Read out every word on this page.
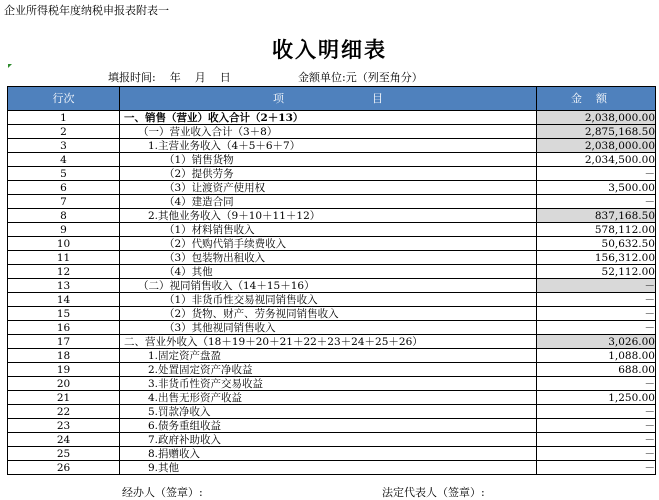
企业所得税年度纳税申报表附表一
收入明细表
填报时间: 年 月 日	金额单位:元（列至角分）
行次	项　　　　　　　　目	金额
1	一、销售（营业）收入合计（2＋13）	2,038,000.00
2	（一）营业收入合计（3＋8）	2,875,168.50
3	1.主营业务收入（4＋5＋6＋7）	2,038,000.00
4	（1）销售货物	2,034,500.00
5	（2）提供劳务	－
6	（3）让渡资产使用权	3,500.00
7	（4）建造合同	－
8	2.其他业务收入（9＋10＋11＋12）	837,168.50
9	（1）材料销售收入	578,112.00
10	（2）代购代销手续费收入	50,632.50
11	（3）包装物出租收入	156,312.00
12	（4）其他	52,112.00
13	（二）视同销售收入（14＋15＋16）	－
14	（1）非货币性交易视同销售收入	－
15	（2）货物、财产、劳务视同销售收入	－
16	（3）其他视同销售收入	－
17	二、营业外收入（18＋19＋20＋21＋22＋23＋24＋25＋26）	3,026.00
18	1.固定资产盘盈	1,088.00
19	2.处置固定资产净收益	688.00
20	3.非货币性资产交易收益	－
21	4.出售无形资产收益	1,250.00
22	5.罚款净收入	－
23	6.债务重组收益	－
24	7.政府补助收入	－
25	8.捐赠收入	－
26	9.其他	－
经办人（签章）:	法定代表人（签章）:
